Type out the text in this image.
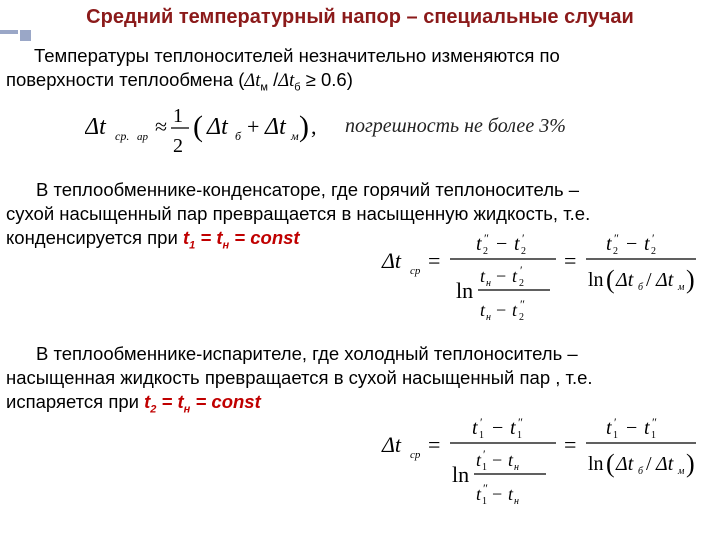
Средний температурный напор – специальные случаи
Температуры теплоносителей незначительно изменяются по
поверхности теплообмена ($\Delta t_м$ $/\Delta t_б \ge 0.6$)
Δt ср. ар ≈ 1
2
( Δt б + Δt м ) , погрешность не более 3%
В теплообменнике-конденсаторе, где горячий теплоноситель –
сухой насыщенный пар превращается в насыщенную жидкость, т.е.
конденсируется при $t_1 = t_н$ = const
Δt ср =
t 2
″ − t 2
′
ln
t н − t 2
′
t н − t 2
″
=
t 2
″ − t 2
′
ln ( Δt б / Δt м )
В теплообменнике-испарителе, где холодный теплоноситель –
насыщенная жидкость превращается в сухой насыщенный пар , т.е.
испаряется при $t_2 = t_н$ = const
Δt ср =
t 1
′ − t 1
″
ln
t 1
′ − t н
t 1
″ − t н
=
t 1
′ − t 1
″
ln ( Δt б / Δt м )
